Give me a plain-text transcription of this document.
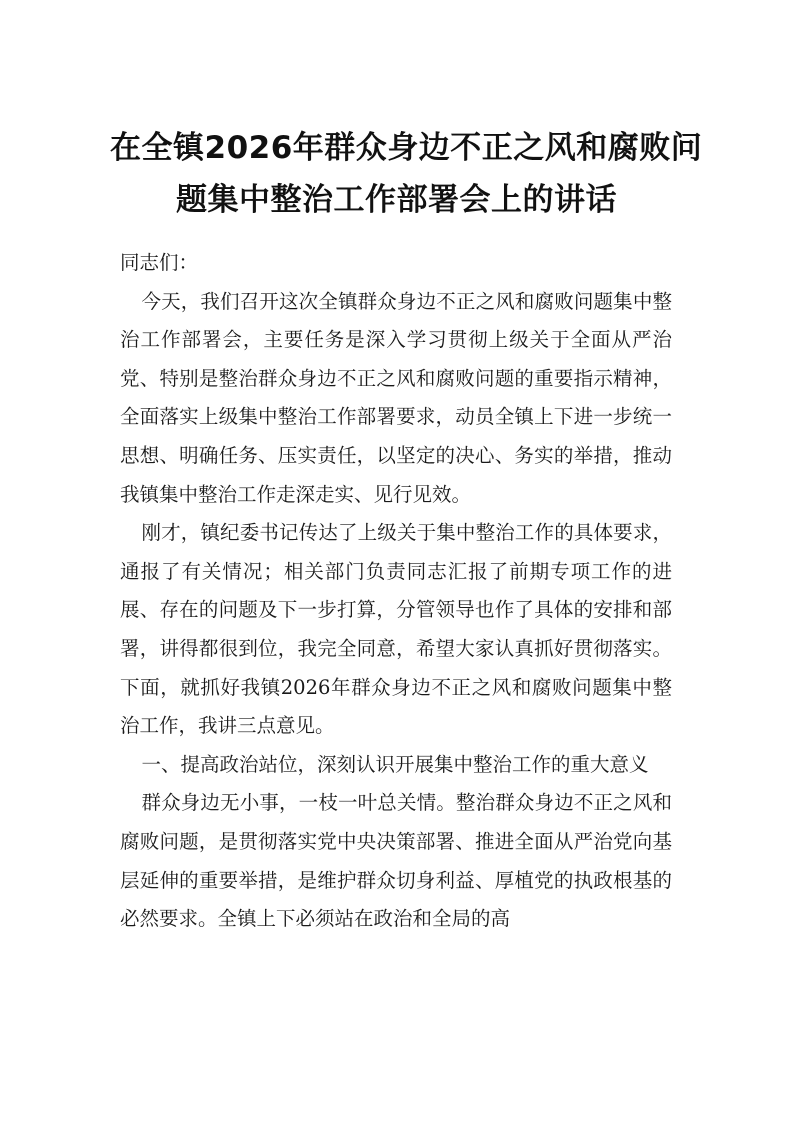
在全镇2026年群众身边不正之风和腐败问
题集中整治工作部署会上的讲话

同志们：

今天，我们召开这次全镇群众身边不正之风和腐败问题集中整治工作部署会，主要任务是深入学习贯彻上级关于全面从严治党、特别是整治群众身边不正之风和腐败问题的重要指示精神，全面落实上级集中整治工作部署要求，动员全镇上下进一步统一思想、明确任务、压实责任，以坚定的决心、务实的举措，推动我镇集中整治工作走深走实、见行见效。

刚才，镇纪委书记传达了上级关于集中整治工作的具体要求，通报了有关情况；相关部门负责同志汇报了前期专项工作的进展、存在的问题及下一步打算，分管领导也作了具体的安排和部署，讲得都很到位，我完全同意，希望大家认真抓好贯彻落实。下面，就抓好我镇2026年群众身边不正之风和腐败问题集中整治工作，我讲三点意见。

一、提高政治站位，深刻认识开展集中整治工作的重大意义

群众身边无小事，一枝一叶总关情。整治群众身边不正之风和腐败问题，是贯彻落实党中央决策部署、推进全面从严治党向基层延伸的重要举措，是维护群众切身利益、厚植党的执政根基的必然要求。全镇上下必须站在政治和全局的高
